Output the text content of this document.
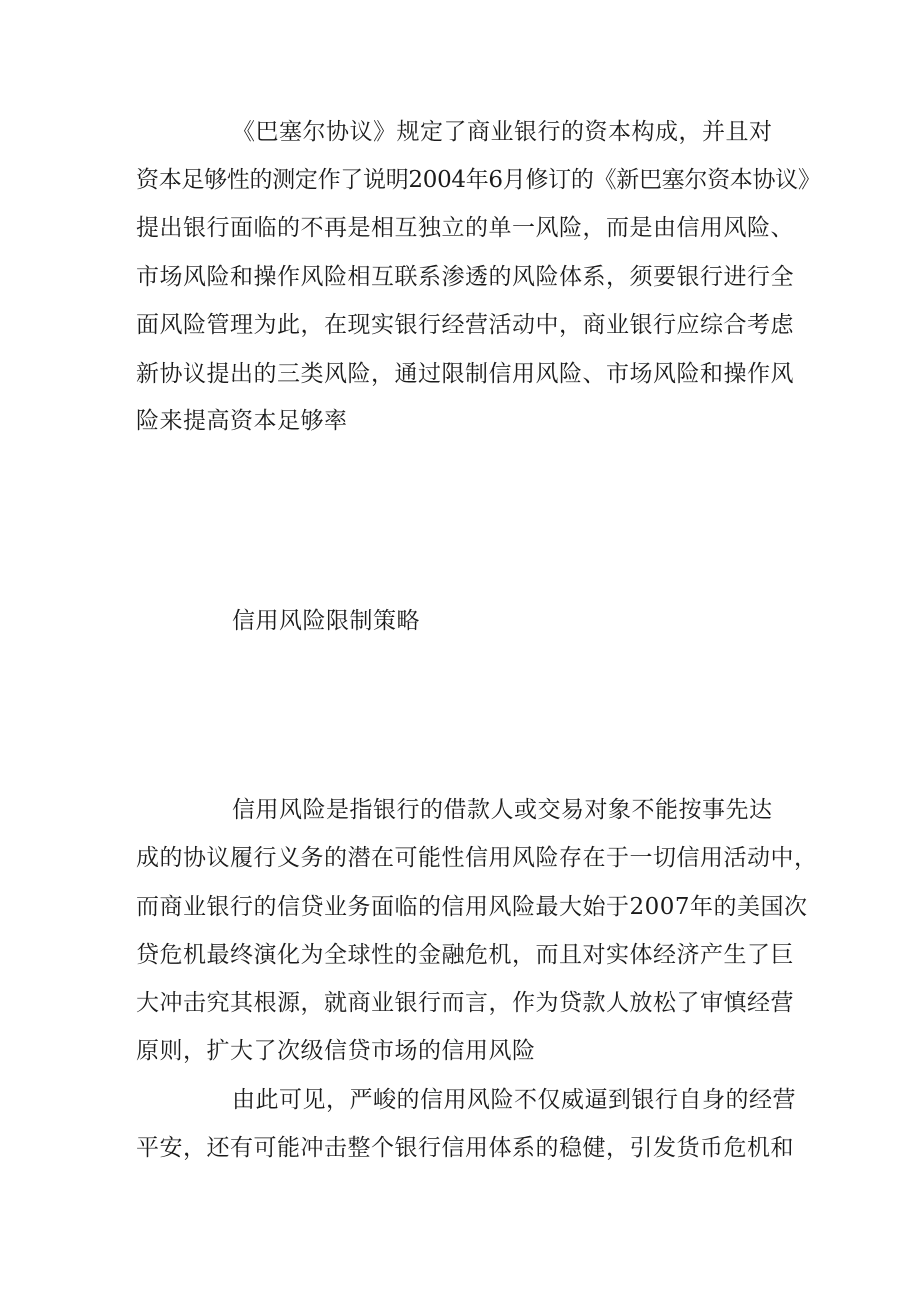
《巴塞尔协议》规定了商业银行的资本构成，并且对
资本足够性的测定作了说明2004年6月修订的《新巴塞尔资本协议》
提出银行面临的不再是相互独立的单一风险，而是由信用风险、
市场风险和操作风险相互联系渗透的风险体系，须要银行进行全
面风险管理为此，在现实银行经营活动中，商业银行应综合考虑
新协议提出的三类风险，通过限制信用风险、市场风险和操作风
险来提高资本足够率
信用风险限制策略
信用风险是指银行的借款人或交易对象不能按事先达
成的协议履行义务的潜在可能性信用风险存在于一切信用活动中，
而商业银行的信贷业务面临的信用风险最大始于2007年的美国次
贷危机最终演化为全球性的金融危机，而且对实体经济产生了巨
大冲击究其根源，就商业银行而言，作为贷款人放松了审慎经营
原则，扩大了次级信贷市场的信用风险
由此可见，严峻的信用风险不仅威逼到银行自身的经营
平安，还有可能冲击整个银行信用体系的稳健，引发货币危机和
